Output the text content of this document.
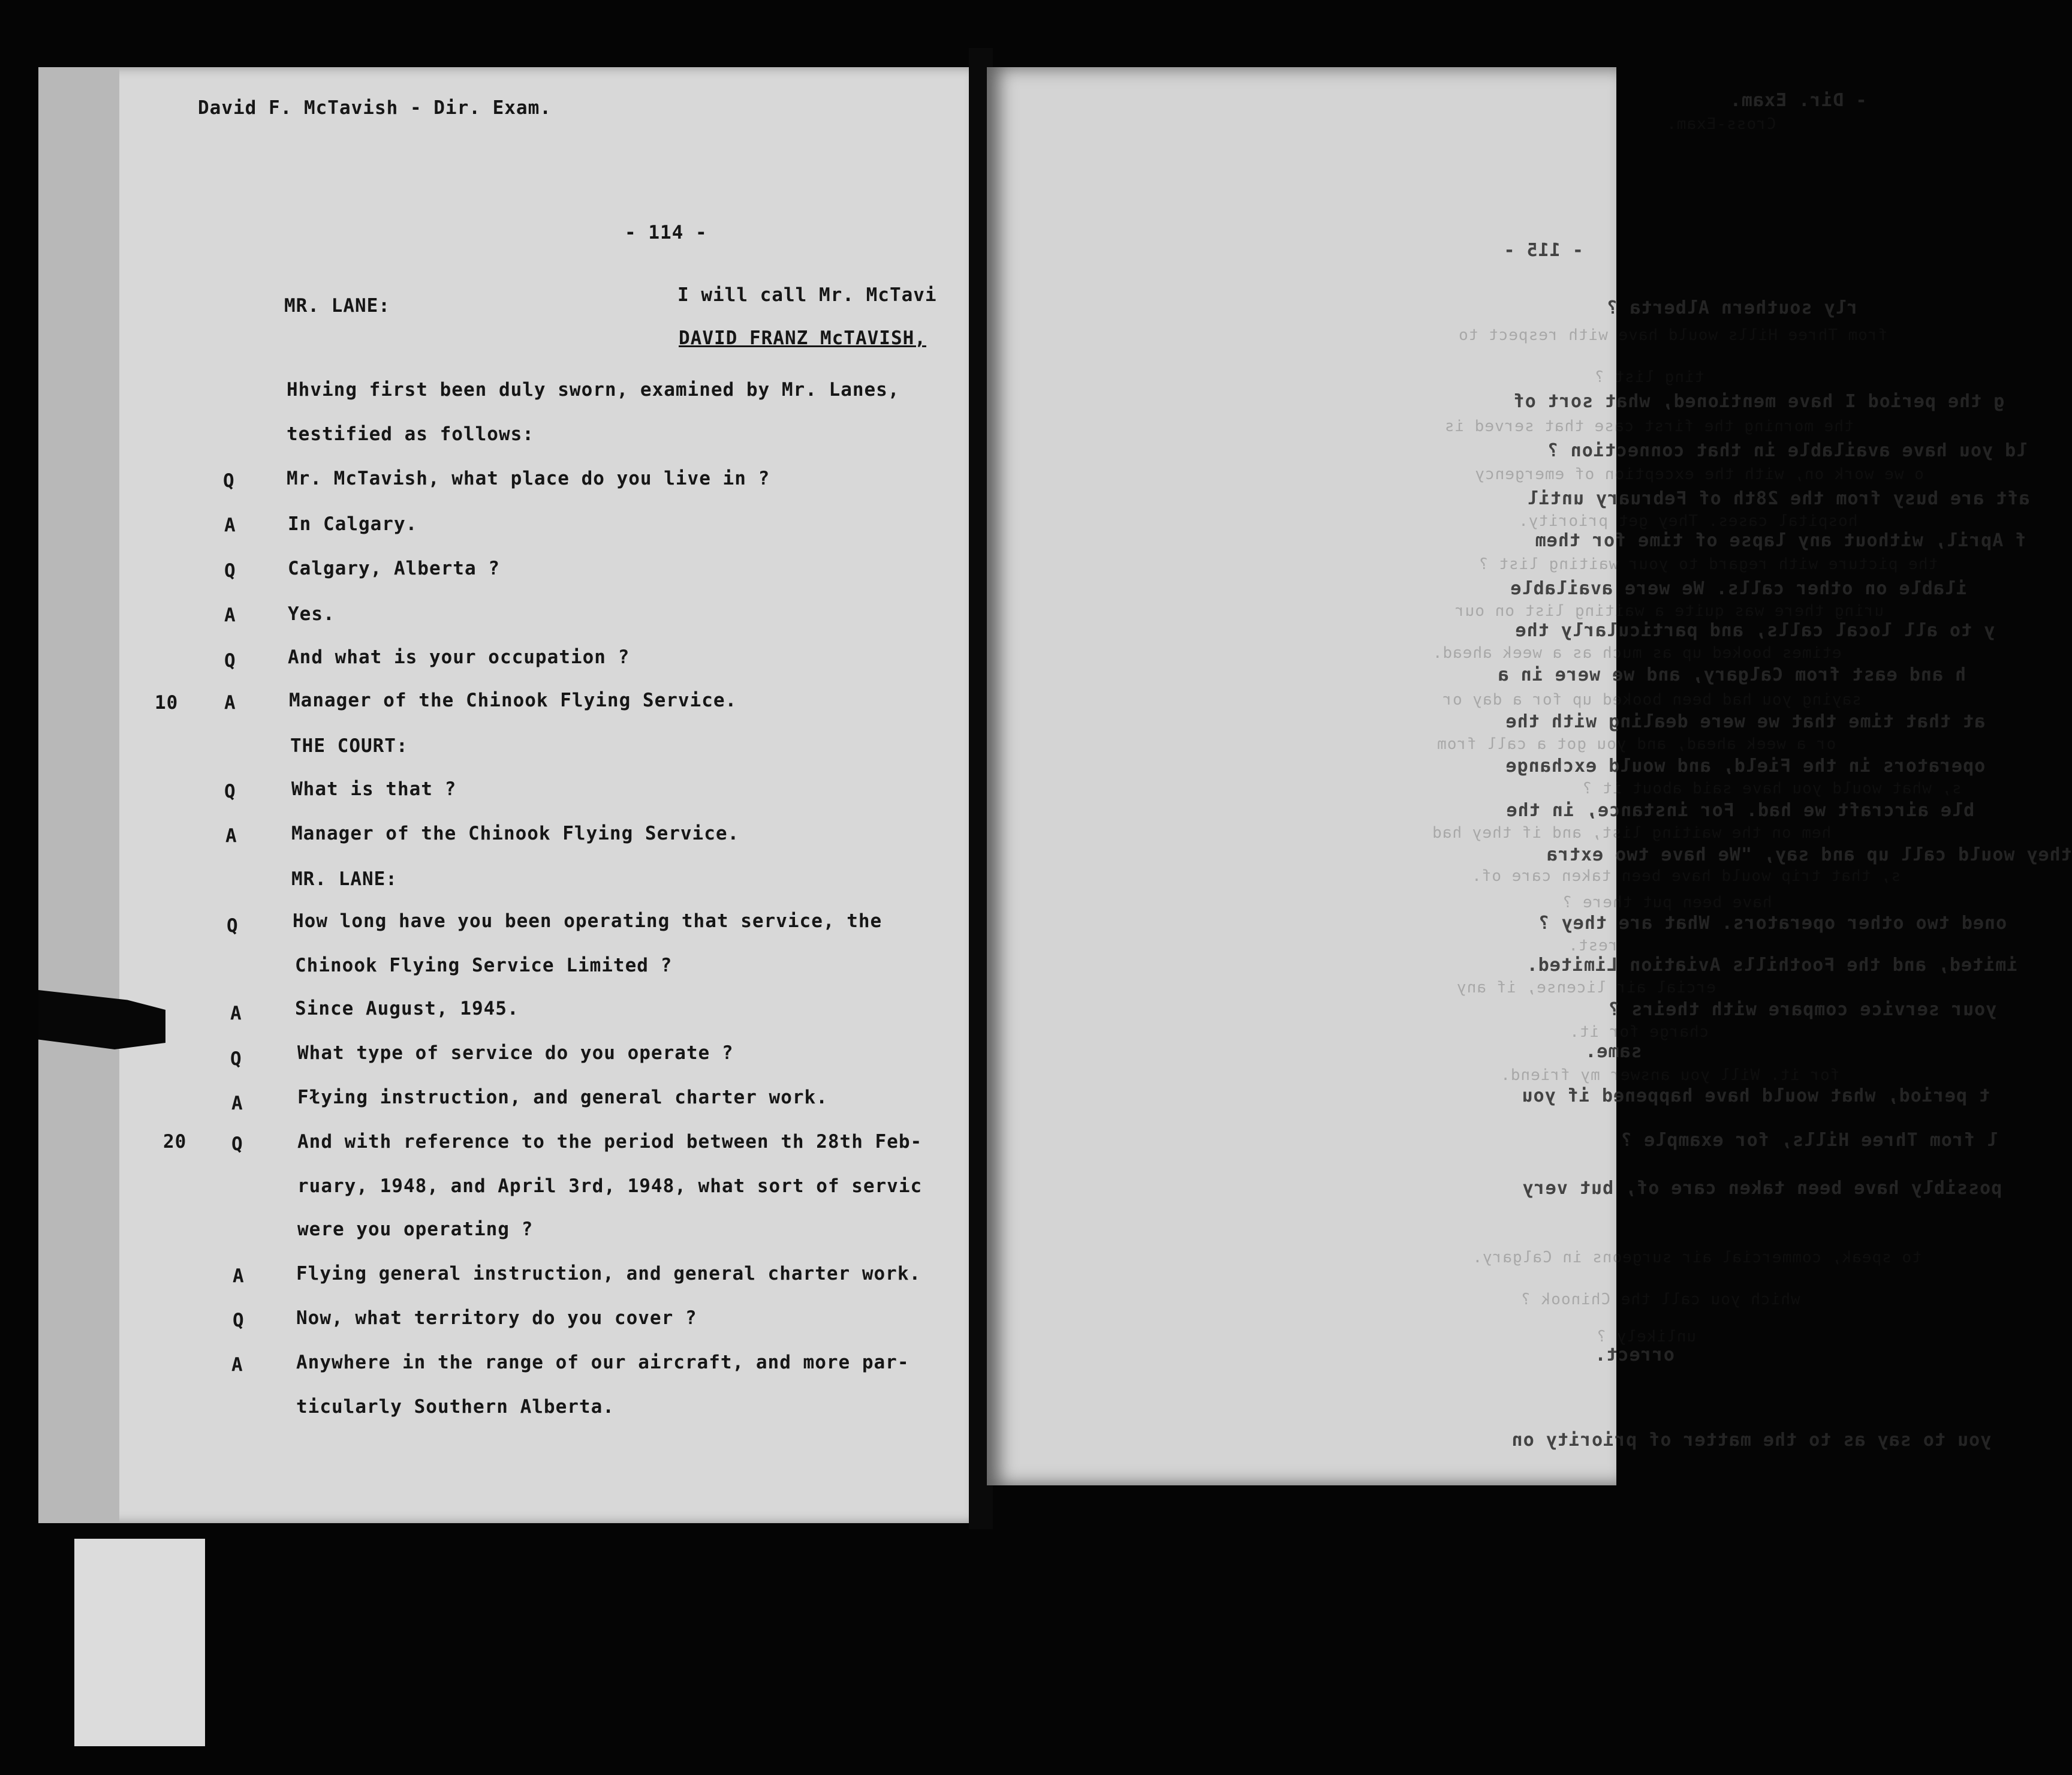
David F. McTavish - Dir. Exam.
- 114 -
MR. LANE:	I will call Mr. McTavi
DAVID FRANZ McTAVISH,
Hhving first been duly sworn, examined by Mr. Lanes,
testified as follows:
Q	Mr. McTavish, what place do you live in ?
A	In Calgary.
Q	Calgary, Alberta ?
A	Yes.
Q	And what is your occupation ?
10 A	Manager of the Chinook Flying Service.
THE COURT:
Q	What is that ?
A	Manager of the Chinook Flying Service.
MR. LANE:
Q	How long have you been operating that service, the
Chinook Flying Service Limited ?
A	Since August, 1945.
Q	What type of service do you operate ?
A	Fłying instruction, and general charter work.
20 Q	And with reference to the period between th 28th Feb-
ruary, 1948, and April 3rd, 1948, what sort of servic
were you operating ?
A	Flying general instruction, and general charter work.
Q	Now, what territory do you cover ?
A	Anywhere in the range of our aircraft, and more par-
ticularly Southern Alberta.
- Dir. Exam.
Cross-Exam.
- 115 -
rly southern Alberta ?
from Three Hills would have with respect to
ting list ?
g the period I have mentioned, what sort of
the morning the first case that served is
ld you have available in that connection ?
o we work on, with the exception of emergency
aft are busy from the 28th of February until
hospital cases. They get priority.
f April, without any lapse of time for them
the picture with regard to your waiting list ?
ilable on other calls. We were available
uring there was quite a waiting list on our
y to all local calls, and particularly the
etimes booked up as much as a week ahead.
h and east from Calgary, and we were in a
saying you had been booked up for a day or
at that time that we were dealing with the
or a week ahead, and you got a call from
operators in the Field, and would exchange
s, what would you have said about it ?
ble aircraft we had. For instance, in the
hem on the waiting list, and if they had
they would call up and say, "We have two extra
s, that trip would have been taken care of.
have been put there ?
oned two other operators. What are they ?
rest.
imited, and the Foothills Aviation Limited.
ercial air license, if any
your service compare with theirs ?
charge for it.
same.
for it. Will you answer my friend.
t period, what would have happened if you
l from Three Hills, for example ?
possibly have been taken care of, but very
to speak, commercial air surgeons in Calgary.
which you call the Chinook ?
unlikely ?
orrect.
you to say as to the matter of priority on
